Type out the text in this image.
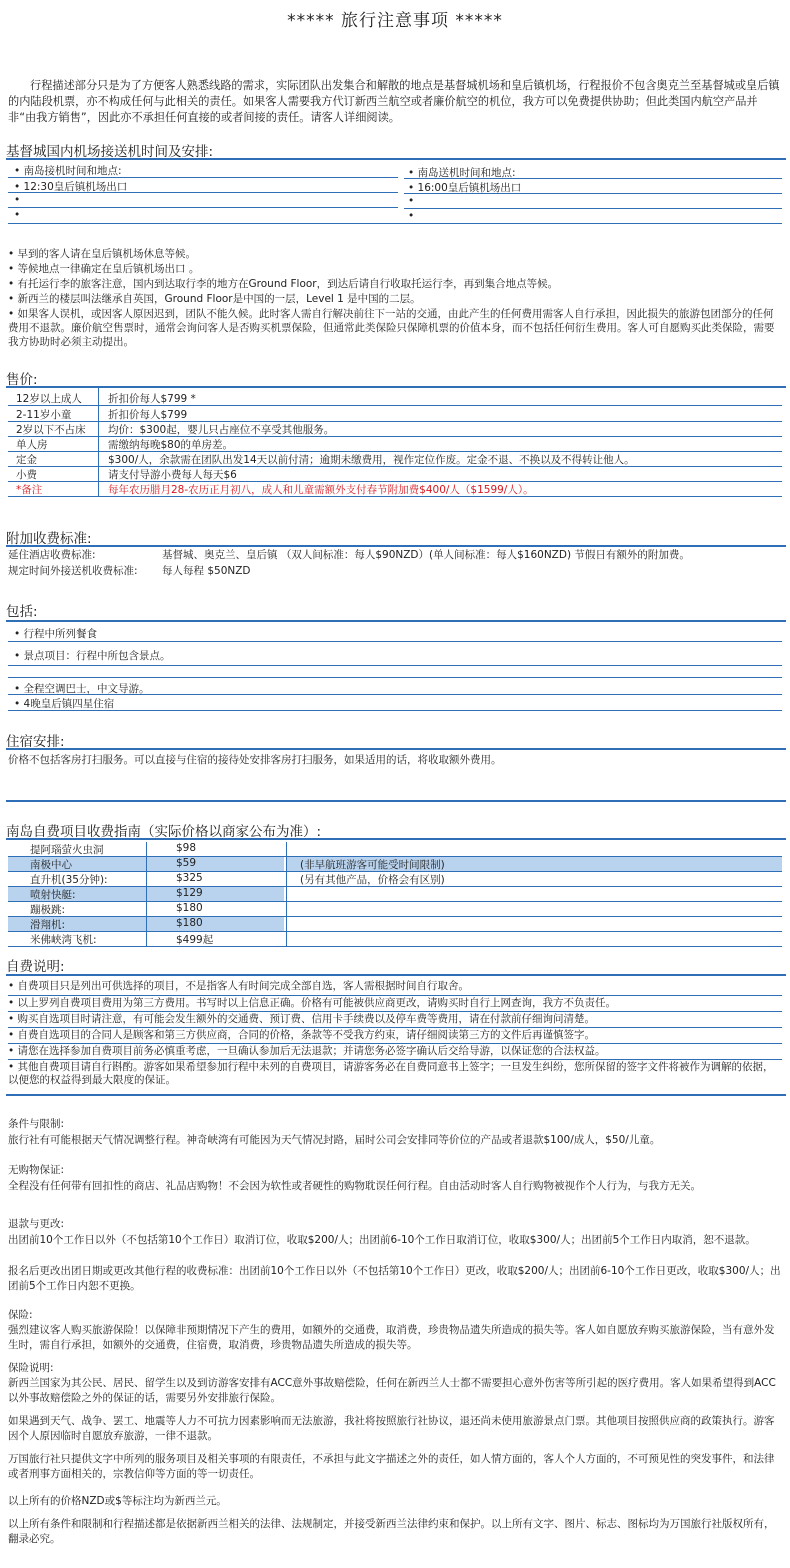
***** 旅行注意事项 *****
行程描述部分只是为了方便客人熟悉线路的需求，实际团队出发集合和解散的地点是基督城机场和皇后镇机场，行程报价不包含奥克兰至基督城或皇后镇的内陆段机票，亦不构成任何与此相关的责任。如果客人需要我方代订新西兰航空或者廉价航空的机位，我方可以免费提供协助；但此类国内航空产品并非“由我方销售”，因此亦不承担任何直接的或者间接的责任。请客人详细阅读。
基督城国内机场接送机时间及安排:
• 南岛接机时间和地点:
• 12:30皇后镇机场出口
•
•
• 南岛送机时间和地点:
• 16:00皇后镇机场出口
•
•
• 早到的客人请在皇后镇机场休息等候。
• 等候地点一律确定在皇后镇机场出口 。
• 有托运行李的旅客注意，国内到达取行李的地方在Ground Floor，到达后请自行收取托运行李，再到集合地点等候。
• 新西兰的楼层叫法继承自英国，Ground Floor是中国的一层，Level 1 是中国的二层。
• 如果客人误机，或因客人原因迟到，团队不能久候。此时客人需自行解决前往下一站的交通，由此产生的任何费用需客人自行承担，因此损失的旅游包团部分的任何费用不退款。廉价航空售票时，通常会询问客人是否购买机票保险，但通常此类保险只保障机票的价值本身，而不包括任何衍生费用。客人可自愿购买此类保险，需要我方协助时必须主动提出。
售价:
12岁以上成人 折扣价每人$799 *
2-11岁小童	折扣价每人$799
2岁以下不占床 均价：$300起，婴儿只占座位不享受其他服务。
单人房	需缴纳每晚$80的单房差。
定金	$300/人，余款需在团队出发14天以前付清；逾期未缴费用，视作定位作废。定金不退、不换以及不得转让他人。
小费	请支付导游小费每人每天$6
*备注	每年农历腊月28-农历正月初八，成人和儿童需额外支付春节附加费$400/人（$1599/人）。
附加收费标准:
延住酒店收费标准:	基督城、奥克兰、皇后镇 （双人间标准：每人$90NZD）(单人间标准：每人$160NZD) 节假日有额外的附加费。
规定时间外接送机收费标准: 每人每程 $50NZD
包括:
• 行程中所列餐食
• 景点项目：行程中所包含景点。
• 全程空调巴士，中文导游。
• 4晚皇后镇四星住宿
住宿安排:
价格不包括客房打扫服务。可以直接与住宿的接待处安排客房打扫服务，如果适用的话，将收取额外费用。
南岛自费项目收费指南（实际价格以商家公布为准）:
提阿瑙萤火虫洞	$98
南极中心	$59	(非早航班游客可能受时间限制)
直升机(35分钟):	$325	(另有其他产品，价格会有区别)
喷射快艇:	$129
蹦极跳:	$180
滑翔机:	$180
米佛峡湾飞机:	$499起
自费说明:
• 自费项目只是列出可供选择的项目，不是指客人有时间完成全部自选，客人需根据时间自行取舍。
• 以上罗列自费项目费用为第三方费用。书写时以上信息正确。价格有可能被供应商更改，请购买时自行上网查询，我方不负责任。
• 购买自选项目时请注意，有可能会发生额外的交通费、预订费、信用卡手续费以及停车费等费用，请在付款前仔细询问清楚。
• 自费自选项目的合同人是顾客和第三方供应商，合同的价格，条款等不受我方约束，请仔细阅读第三方的文件后再谨慎签字。
• 请您在选择参加自费项目前务必慎重考虑，一旦确认参加后无法退款；并请您务必签字确认后交给导游，以保证您的合法权益。
• 其他自费项目请自行斟酌。游客如果希望参加行程中未列的自费项目，请游客务必在自费同意书上签字；一旦发生纠纷，您所保留的签字文件将被作为调解的依据，以便您的权益得到最大限度的保证。
条件与限制:
旅行社有可能根据天气情况调整行程。神奇峡湾有可能因为天气情况封路，届时公司会安排同等价位的产品或者退款$100/成人，$50/儿童。
无购物保证:
全程没有任何带有回扣性的商店、礼品店购物！不会因为软性或者硬性的购物耽误任何行程。自由活动时客人自行购物被视作个人行为，与我方无关。
退款与更改:
出团前10个工作日以外（不包括第10个工作日）取消订位，收取$200/人；出团前6-10个工作日取消订位，收取$300/人；出团前5个工作日内取消，恕不退款。
报名后更改出团日期或更改其他行程的收费标准：出团前10个工作日以外（不包括第10个工作日）更改，收取$200/人；出团前6-10个工作日更改，收取$300/人；出团前5个工作日内恕不更换。
保险:
强烈建议客人购买旅游保险！以保障非预期情况下产生的费用，如额外的交通费，取消费，珍贵物品遗失所造成的损失等。客人如自愿放弃购买旅游保险，当有意外发生时，需自行承担，如额外的交通费，住宿费，取消费，珍贵物品遗失所造成的损失等。
保险说明:
新西兰国家为其公民、居民、留学生以及到访游客安排有ACC意外事故赔偿险，任何在新西兰人士都不需要担心意外伤害等所引起的医疗费用。客人如果希望得到ACC以外事故赔偿险之外的保证的话，需要另外安排旅行保险。
如果遇到天气、战争、罢工、地震等人力不可抗力因素影响而无法旅游，我社将按照旅行社协议，退还尚未使用旅游景点门票。其他项目按照供应商的政策执行。游客因个人原因临时自愿放弃旅游，一律不退款。
万国旅行社只提供文字中所列的服务项目及相关事项的有限责任，不承担与此文字描述之外的责任，如人情方面的，客人个人方面的，不可预见性的突发事件，和法律或者刑事方面相关的，宗教信仰等方面的等一切责任。
以上所有的价格NZD或$等标注均为新西兰元。
以上所有条件和限制和行程描述都是依据新西兰相关的法律、法规制定，并接受新西兰法律约束和保护。以上所有文字、图片、标志、图标均为万国旅行社版权所有，翻录必究。
